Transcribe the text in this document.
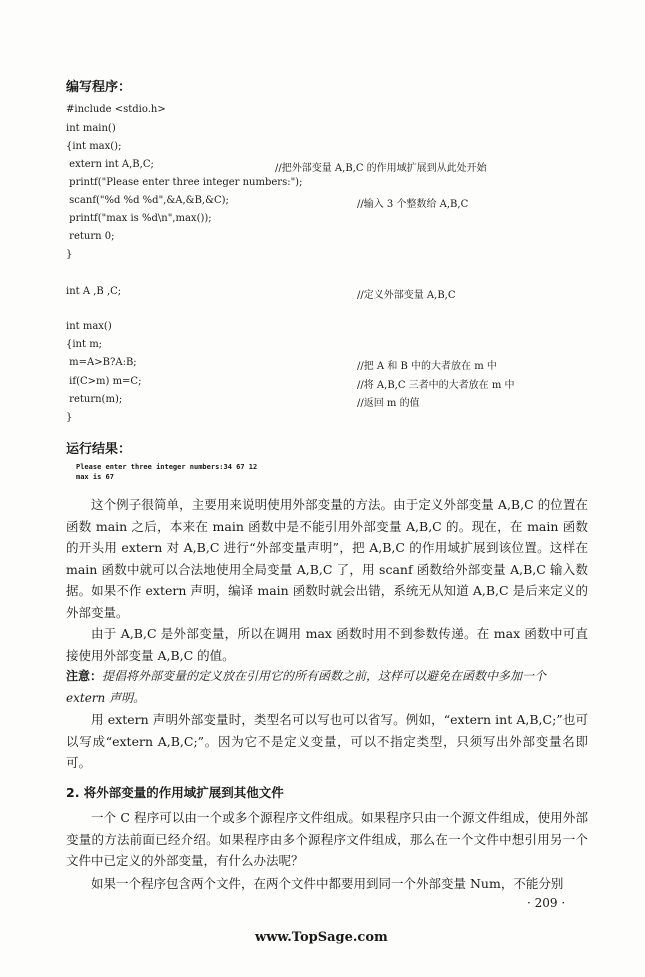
编写程序：
#include <stdio.h>
int main()
{int max();
extern int A,B,C;	//把外部变量 A,B,C 的作用域扩展到从此处开始
printf("Please enter three integer numbers:");
scanf("%d %d %d",&A,&B,&C);	//输入 3 个整数给 A,B,C
printf("max is %d\n",max());
return 0;
}
int A ,B ,C;	//定义外部变量 A,B,C
int max()
{int m;
m=A>B?A:B;	//把 A 和 B 中的大者放在 m 中
if(C>m) m=C;	//将 A,B,C 三者中的大者放在 m 中
return(m);	//返回 m 的值
}
运行结果：
Please enter three integer numbers:34 67 12
max is 67
这个例子很简单，主要用来说明使用外部变量的方法。由于定义外部变量 A,B,C 的位置在函数 main 之后，本来在 main 函数中是不能引用外部变量 A,B,C 的。现在，在 main 函数的开头用 extern 对 A,B,C 进行“外部变量声明”，把 A,B,C 的作用域扩展到该位置。这样在 main 函数中就可以合法地使用全局变量 A,B,C 了，用 scanf 函数给外部变量 A,B,C 输入数据。如果不作 extern 声明，编译 main 函数时就会出错，系统无从知道 A,B,C 是后来定义的外部变量。
由于 A,B,C 是外部变量，所以在调用 max 函数时用不到参数传递。在 max 函数中可直接使用外部变量 A,B,C 的值。
注意：提倡将外部变量的定义放在引用它的所有函数之前，这样可以避免在函数中多加一个 extern 声明。
用 extern 声明外部变量时，类型名可以写也可以省写。例如，“extern int A,B,C;”也可以写成“extern A,B,C;”。因为它不是定义变量，可以不指定类型，只须写出外部变量名即可。
2. 将外部变量的作用域扩展到其他文件
一个 C 程序可以由一个或多个源程序文件组成。如果程序只由一个源文件组成，使用外部变量的方法前面已经介绍。如果程序由多个源程序文件组成，那么在一个文件中想引用另一个文件中已定义的外部变量，有什么办法呢？
如果一个程序包含两个文件，在两个文件中都要用到同一个外部变量 Num，不能分别
· 209 ·
www.TopSage.com
